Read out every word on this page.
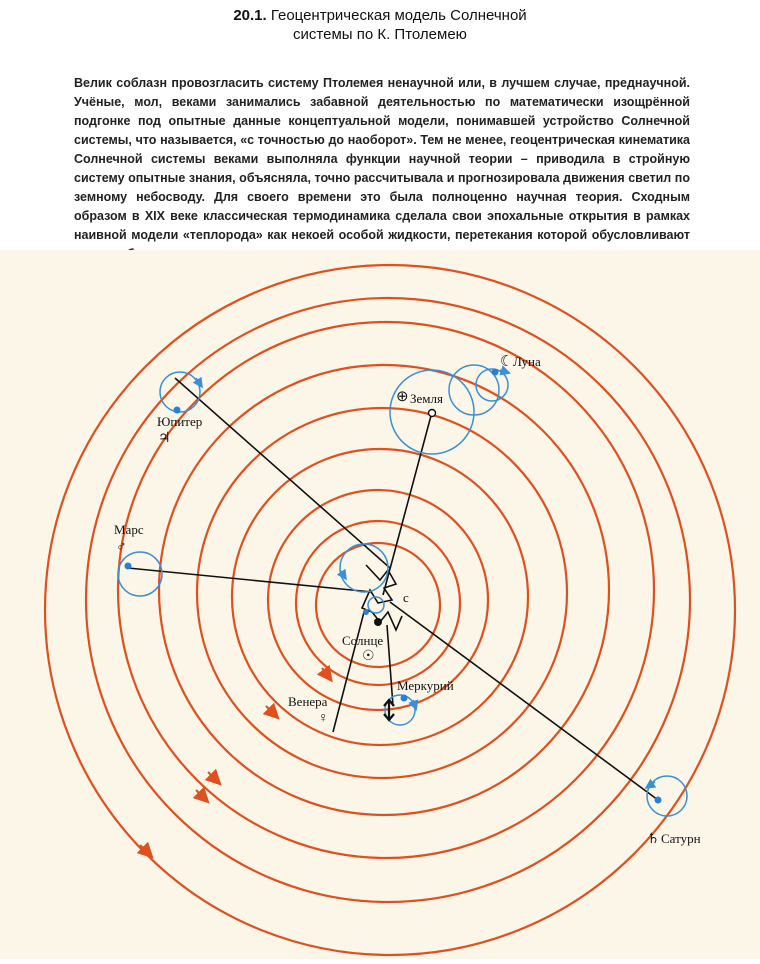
20.1. Геоцентрическая модель Солнечной
системы по К. Птолемею
Велик соблазн провозгласить систему Птолемея ненаучной или, в лучшем случае, преднаучной. Учёные, мол, веками занимались забавной деятельностью по математически изощрённой подгонке под опытные данные концептуальной модели, понимавшей устройство Солнечной системы, что называется, «с точностью до наоборот». Тем не менее, геоцентрическая кинематика Солнечной системы веками выполняла функции научной теории – приводила в стройную систему опытные знания, объясняла, точно рассчитывала и прогнозировала движения светил по земному небосводу. Для своего времени это была полноценно научная теория. Сходным образом в XIX веке классическая термодинамика сделала свои эпохальные открытия в рамках наивной модели «теплорода» как некоей особой жидкости, перетекания которой обусловливают
Юпитер
♃
Марс
♂
⊕ Земля
☾ Луна
c
Солнце
☉
Венера
♀
Меркурий
♄ Сатурн
